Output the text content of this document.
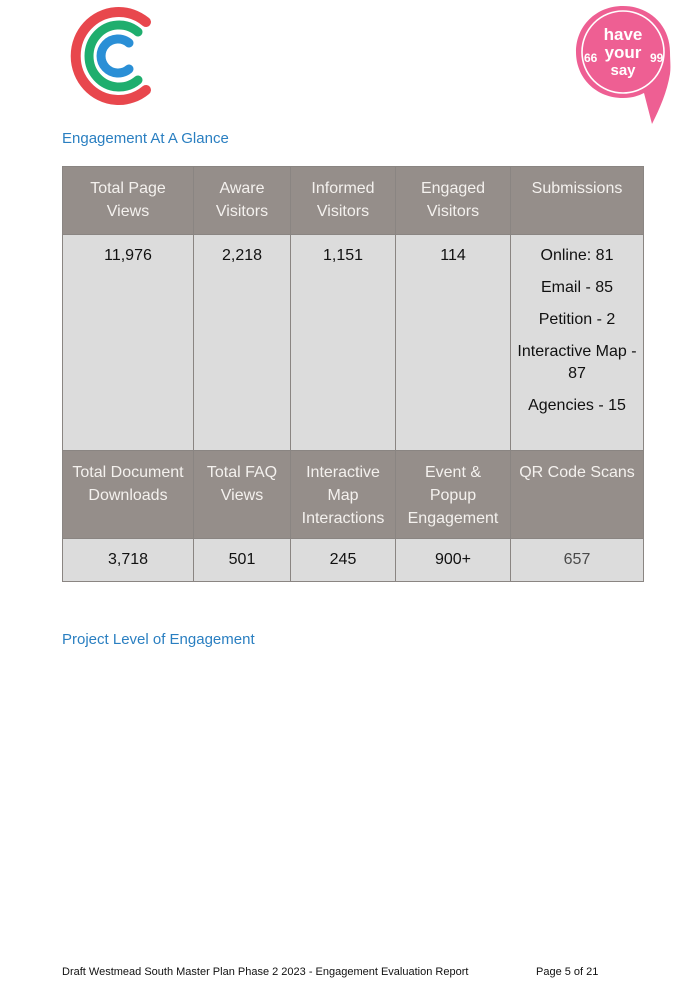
have
your
say
66	99
Engagement At A Glance
Total Page Views	Aware Visitors	Informed Visitors	Engaged Visitors	Submissions
11,976	2,218	1,151	114	Online: 81
Email - 85
Petition - 2
Interactive Map - 87
Agencies - 15

Total Document Downloads	Total FAQ Views	Interactive Map Interactions	Event & Popup Engagement	QR Code Scans
3,718	501	245	900+	657
Project Level of Engagement
Draft Westmead South Master Plan Phase 2 2023 - Engagement Evaluation Report	Page 5 of 21
